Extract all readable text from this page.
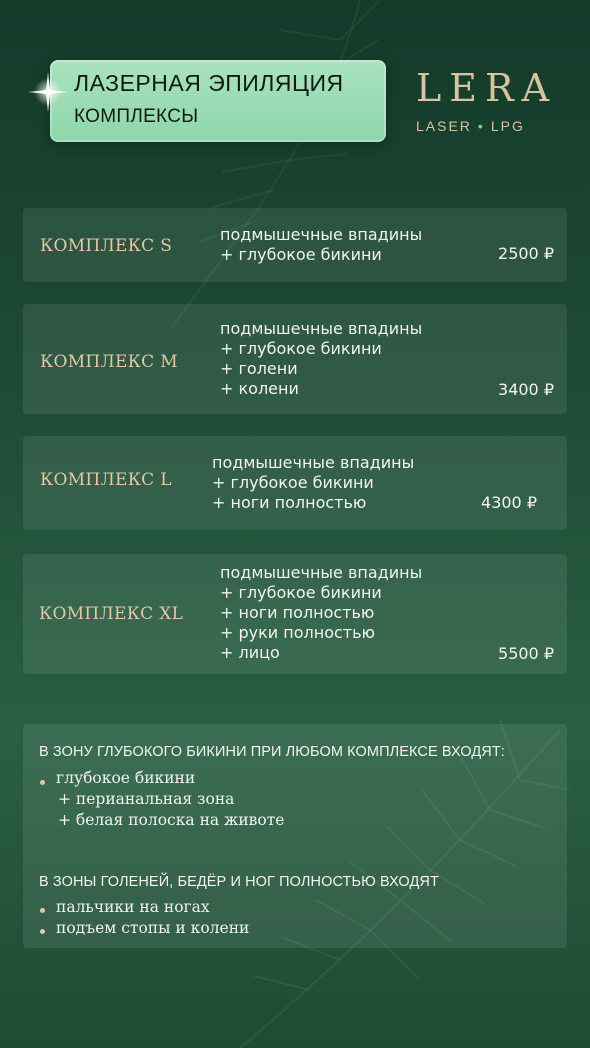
ЛАЗЕРНАЯ ЭПИЛЯЦИЯ
КОМПЛЕКСЫ
LERA
LASER • LPG
КОМПЛЕКС S
подмышечные впадины
+ глубокое бикини	2500 ₽
КОМПЛЕКС M
подмышечные впадины
+ глубокое бикини
+ голени
+ колени	3400 ₽
КОМПЛЕКС L
подмышечные впадины
+ глубокое бикини
+ ноги полностью	4300 ₽
КОМПЛЕКС XL
подмышечные впадины
+ глубокое бикини
+ ноги полностью
+ руки полностью
+ лицо	5500 ₽
В ЗОНУ ГЛУБОКОГО БИКИНИ ПРИ ЛЮБОМ КОМПЛЕКСЕ ВХОДЯТ:
глубокое бикини
+ перианальная зона
+ белая полоска на животе
В ЗОНЫ ГОЛЕНЕЙ, БЕДЁР И НОГ ПОЛНОСТЬЮ ВХОДЯТ
пальчики на ногах
подъем стопы и колени
